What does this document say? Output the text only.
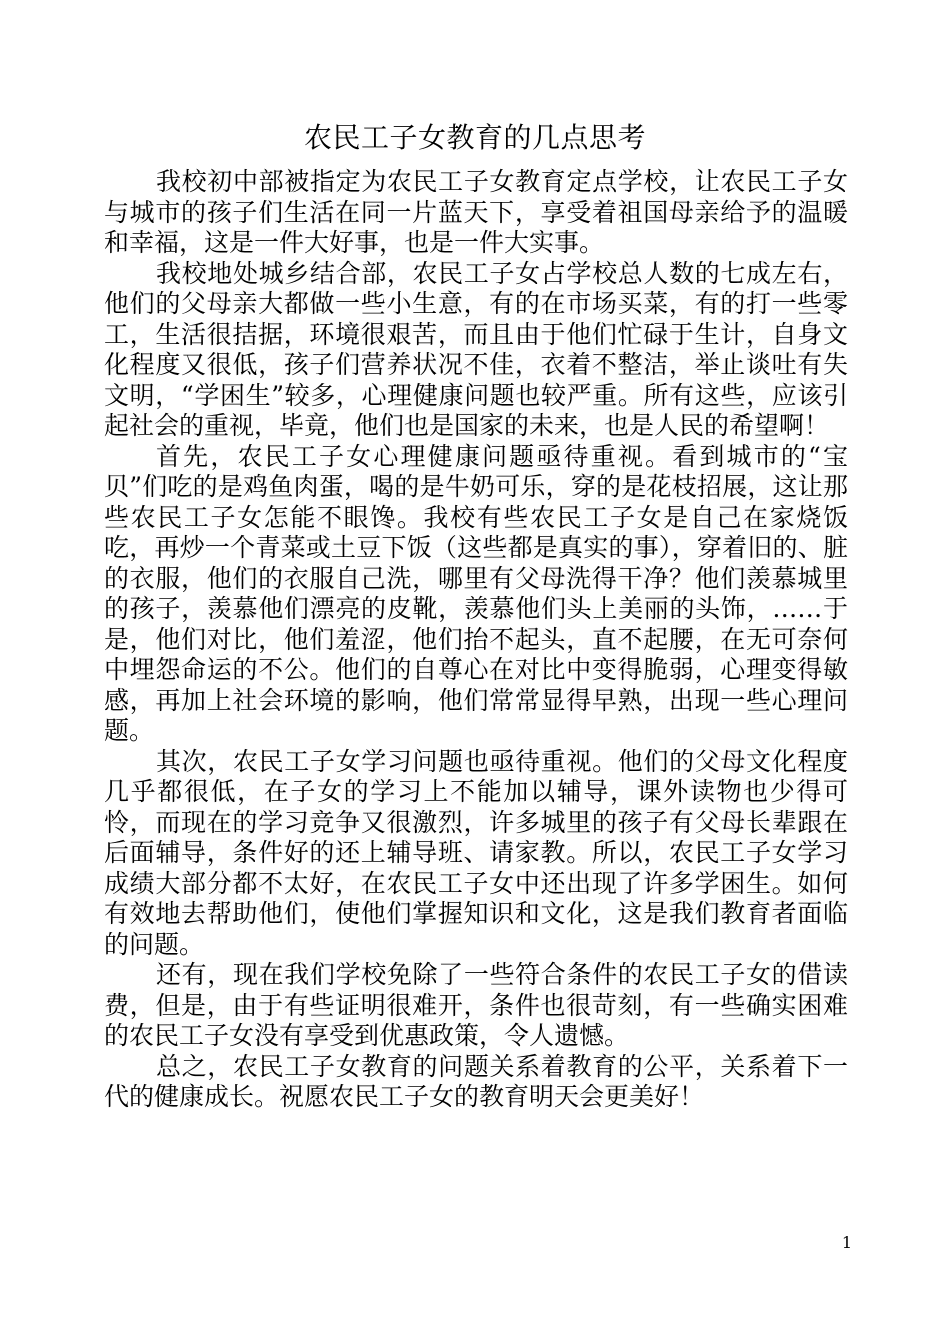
农民工子女教育的几点思考

我校初中部被指定为农民工子女教育定点学校，让农民工子女与城市的孩子们生活在同一片蓝天下，享受着祖国母亲给予的温暖和幸福，这是一件大好事，也是一件大实事。

我校地处城乡结合部，农民工子女占学校总人数的七成左右，他们的父母亲大都做一些小生意，有的在市场买菜，有的打一些零工，生活很拮据，环境很艰苦，而且由于他们忙碌于生计，自身文化程度又很低，孩子们营养状况不佳，衣着不整洁，举止谈吐有失文明，“学困生”较多，心理健康问题也较严重。所有这些，应该引起社会的重视，毕竟，他们也是国家的未来，也是人民的希望啊！

首先，农民工子女心理健康问题亟待重视。看到城市的“宝贝”们吃的是鸡鱼肉蛋，喝的是牛奶可乐，穿的是花枝招展，这让那些农民工子女怎能不眼馋。我校有些农民工子女是自己在家烧饭吃，再炒一个青菜或土豆下饭（这些都是真实的事），穿着旧的、脏的衣服，他们的衣服自己洗，哪里有父母洗得干净？他们羡慕城里的孩子，羡慕他们漂亮的皮靴，羡慕他们头上美丽的头饰，……于是，他们对比，他们羞涩，他们抬不起头，直不起腰，在无可奈何中埋怨命运的不公。他们的自尊心在对比中变得脆弱，心理变得敏感，再加上社会环境的影响，他们常常显得早熟，出现一些心理问题。

其次，农民工子女学习问题也亟待重视。他们的父母文化程度几乎都很低，在子女的学习上不能加以辅导，课外读物也少得可怜，而现在的学习竞争又很激烈，许多城里的孩子有父母长辈跟在后面辅导，条件好的还上辅导班、请家教。所以，农民工子女学习成绩大部分都不太好，在农民工子女中还出现了许多学困生。如何有效地去帮助他们，使他们掌握知识和文化，这是我们教育者面临的问题。

还有，现在我们学校免除了一些符合条件的农民工子女的借读费，但是，由于有些证明很难开，条件也很苛刻，有一些确实困难的农民工子女没有享受到优惠政策，令人遗憾。

总之，农民工子女教育的问题关系着教育的公平，关系着下一代的健康成长。祝愿农民工子女的教育明天会更美好！

1
